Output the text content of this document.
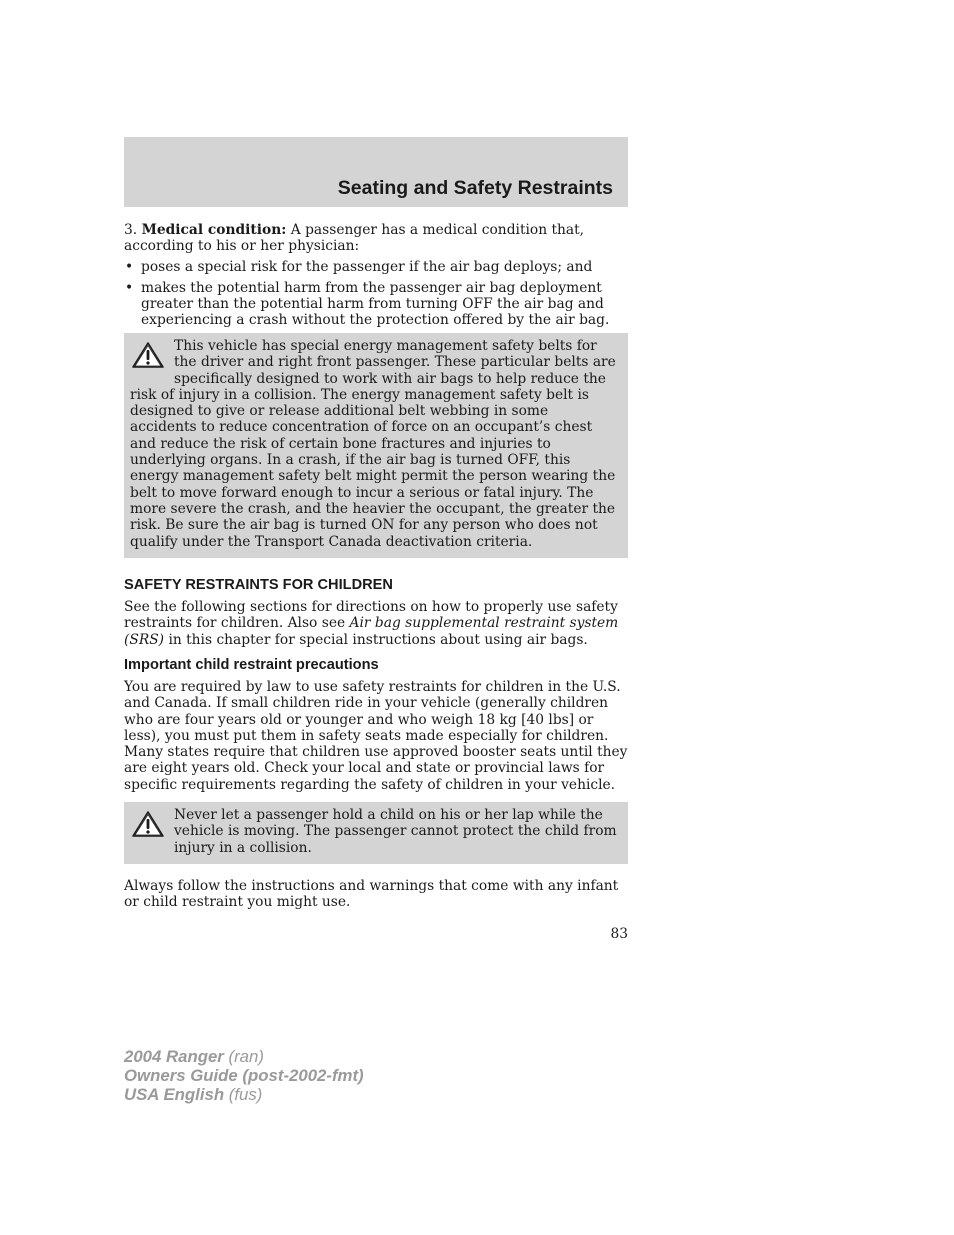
Seating and Safety Restraints

3. Medical condition: A passenger has a medical condition that, according to his or her physician:

• poses a special risk for the passenger if the air bag deploys; and
• makes the potential harm from the passenger air bag deployment greater than the potential harm from turning OFF the air bag and experiencing a crash without the protection offered by the air bag.
This vehicle has special energy management safety belts for the driver and right front passenger. These particular belts are specifically designed to work with air bags to help reduce the risk of injury in a collision. The energy management safety belt is designed to give or release additional belt webbing in some accidents to reduce concentration of force on an occupant’s chest and reduce the risk of certain bone fractures and injuries to underlying organs. In a crash, if the air bag is turned OFF, this energy management safety belt might permit the person wearing the belt to move forward enough to incur a serious or fatal injury. The more severe the crash, and the heavier the occupant, the greater the risk. Be sure the air bag is turned ON for any person who does not qualify under the Transport Canada deactivation criteria.
SAFETY RESTRAINTS FOR CHILDREN
See the following sections for directions on how to properly use safety restraints for children. Also see Air bag supplemental restraint system (SRS) in this chapter for special instructions about using air bags.
Important child restraint precautions
You are required by law to use safety restraints for children in the U.S. and Canada. If small children ride in your vehicle (generally children who are four years old or younger and who weigh 18 kg [40 lbs] or less), you must put them in safety seats made especially for children. Many states require that children use approved booster seats until they are eight years old. Check your local and state or provincial laws for specific requirements regarding the safety of children in your vehicle.
Never let a passenger hold a child on his or her lap while the vehicle is moving. The passenger cannot protect the child from injury in a collision.
Always follow the instructions and warnings that come with any infant or child restraint you might use.
83
2004 Ranger (ran)
Owners Guide (post-2002-fmt)
USA English (fus)
